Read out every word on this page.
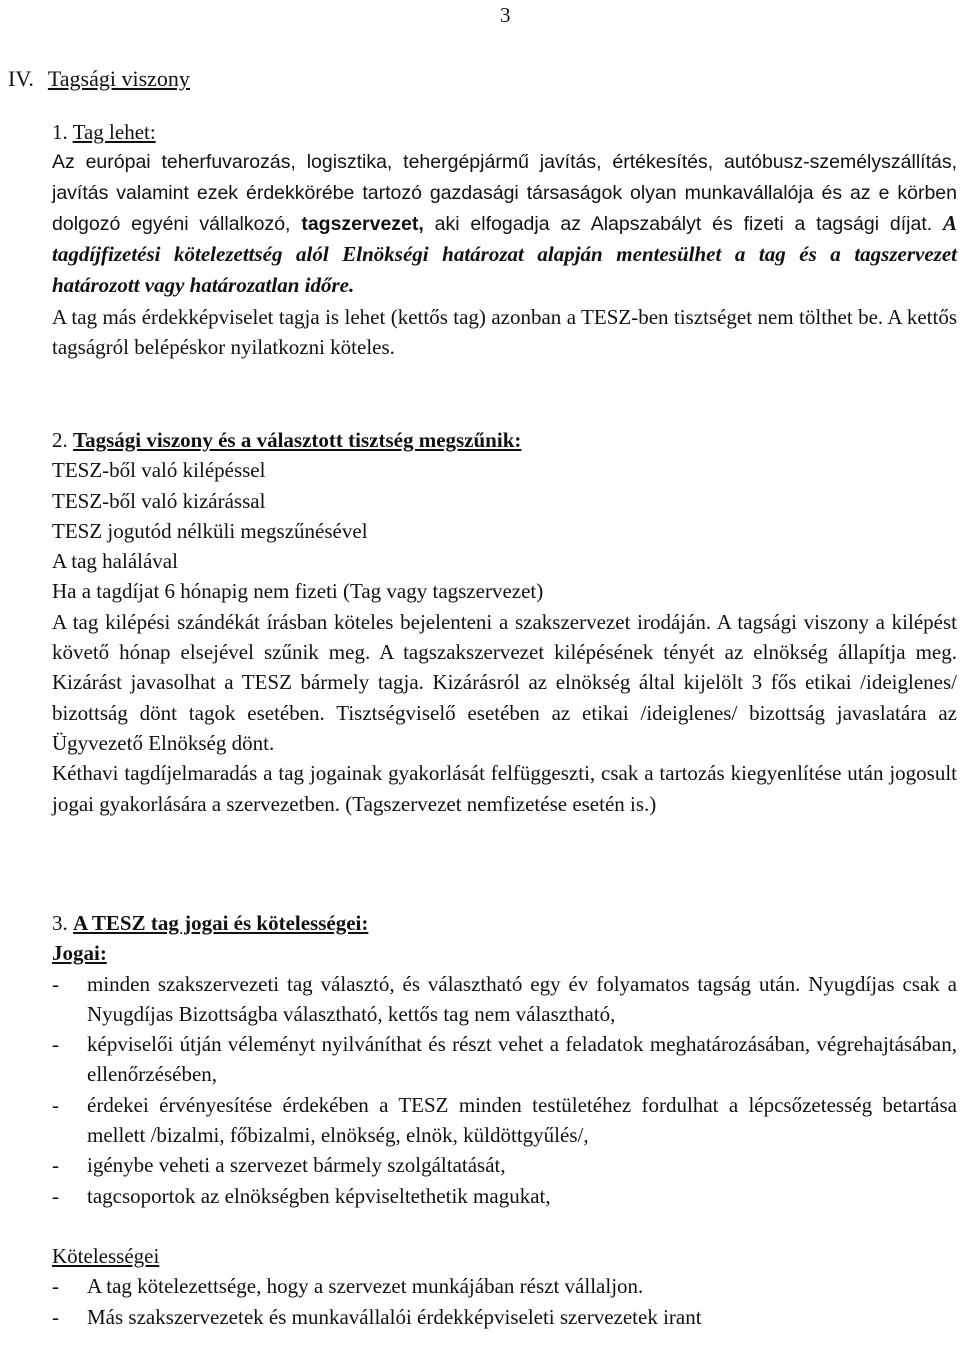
3
IV. Tagsági viszony

1. Tag lehet:

Az európai teherfuvarozás, logisztika, tehergépjármű javítás, értékesítés, autóbusz-személyszállítás, javítás valamint ezek érdekkörébe tartozó gazdasági társaságok olyan munkavállalója és az e körben dolgozó egyéni vállalkozó, tagszervezet, aki elfogadja az Alapszabályt és fizeti a tagsági díjat. A tagdíjfizetési kötelezettség alól Elnökségi határozat alapján mentesülhet a tag és a tagszervezet határozott vagy határozatlan időre.

A tag más érdekképviselet tagja is lehet (kettős tag) azonban a TESZ-ben tisztséget nem tölthet be. A kettős tagságról belépéskor nyilatkozni köteles.

2. Tagsági viszony és a választott tisztség megszűnik:

TESZ-ből való kilépéssel
TESZ-ből való kizárással
TESZ jogutód nélküli megszűnésével
A tag halálával
Ha a tagdíjat 6 hónapig nem fizeti (Tag vagy tagszervezet)

A tag kilépési szándékát írásban köteles bejelenteni a szakszervezet irodáján. A tagsági viszony a kilépést követő hónap elsejével szűnik meg. A tagszakszervezet kilépésének tényét az elnökség állapítja meg. Kizárást javasolhat a TESZ bármely tagja. Kizárásról az elnökség által kijelölt 3 fős etikai /ideiglenes/ bizottság dönt tagok esetében. Tisztségviselő esetében az etikai /ideiglenes/ bizottság javaslatára az Ügyvezető Elnökség dönt.

Kéthavi tagdíjelmaradás a tag jogainak gyakorlását felfüggeszti, csak a tartozás kiegyenlítése után jogosult jogai gyakorlására a szervezetben. (Tagszervezet nemfizetése esetén is.)

3. A TESZ tag jogai és kötelességei:

Jogai:

-	minden szakszervezeti tag választó, és választható egy év folyamatos tagság után. Nyugdíjas csak a Nyugdíjas Bizottságba választható, kettős tag nem választható,
-	képviselői útján véleményt nyilváníthat és részt vehet a feladatok meghatározásában, végrehajtásában, ellenőrzésében,
-	érdekei érvényesítése érdekében a TESZ minden testületéhez fordulhat a lépcsőzetesség betartása mellett /bizalmi, főbizalmi, elnökség, elnök, küldöttgyűlés/,
-	igénybe veheti a szervezet bármely szolgáltatását,
-	tagcsoportok az elnökségben képviseltethetik magukat,

Kötelességei

-	A tag kötelezettsége, hogy a szervezet munkájában részt vállaljon.
-	Más szakszervezetek és munkavállalói érdekképviseleti szervezetek irant
